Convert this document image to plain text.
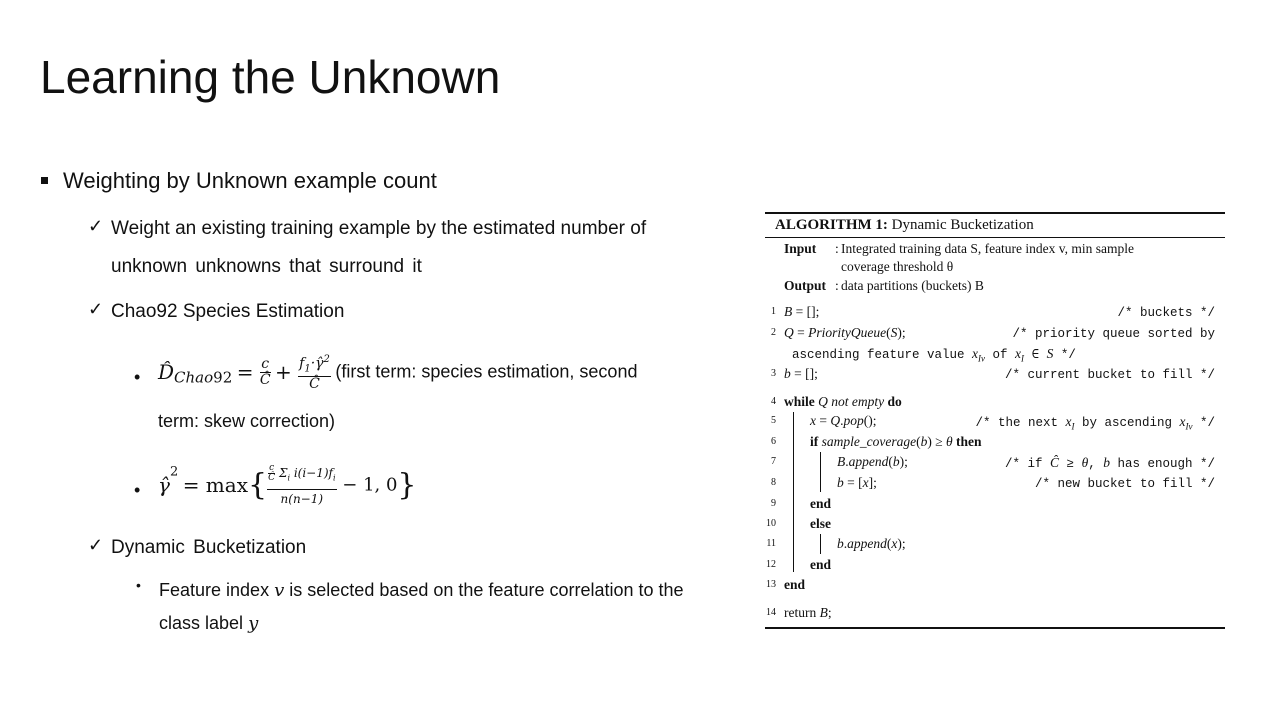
Learning the Unknown
Weighting by Unknown example count
✓ Weight an existing training example by the estimated number of
unknown unknowns that surround it
✓ Chao92 Species Estimation
• D̂Chao92 = $\frac{c}{Ĉ} + \frac{f_1\cdot\gammâ^2}{Ĉ}$ (first term: species estimation, second
term: skew correction)
• γ̂$^2$ = $\max\{ \frac{\frac{c}{Ĉ} \Sigma_i i(i-1)f_i}{n(n-1)} - 1$, 0}
✓ Dynamic Bucketization
• Feature index v is selected based on the feature correlation to the
class label y
ALGORITHM 1: Dynamic Bucketization
Input : Integrated training data S, feature index v, min sample
coverage threshold θ
Output : data partitions (buckets) B
1
2
3
4
5
6
7
8
9
10
11
12
13
14
B = [];	/* buckets */
Q = PriorityQueue(S);	/* priority queue sorted by
ascending feature value $x_{Iv}$ of $x_I$ ∈ S */
b = [];	/* current bucket to fill */
while Q not empty do
x = Q.pop();	/* the next $x_I$ by ascending $x_{Iv}$ */
if sample_coverage(b) ≥ θ then
B.append(b);	/* if Ĉ ≥ θ, b has enough */
b = [x];	/* new bucket to fill */
end
else
b.append(x);
end
end
return B;
